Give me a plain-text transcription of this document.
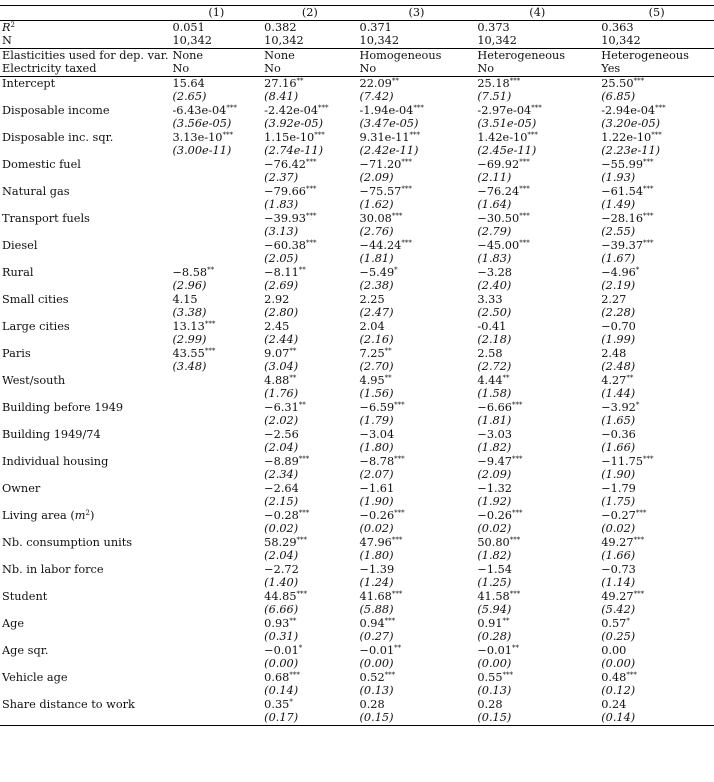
	(1)	(2)	(3)	(4)	(5)
$R^2$	0.051	0.382	0.371	0.373	0.363
N	10,342	10,342	10,342	10,342	10,342
Elasticities used for dep. var.	None	None	Homogeneous	Heterogeneous	Heterogeneous
Electricity taxed	No	No	No	No	Yes
Intercept	15.64	27.16**	22.09**	25.18***	25.50***
	(2.65)	(8.41)	(7.42)	(7.51)	(6.85)
Disposable income	-6.43e-04***	-2.42e-04***	-1.94e-04***	-2.97e-04***	-2.94e-04***
	(3.56e-05)	(3.92e-05)	(3.47e-05)	(3.51e-05)	(3.20e-05)
Disposable inc. sqr.	3.13e-10***	1.15e-10***	9.31e-11***	1.42e-10***	1.22e-10***
	(3.00e-11)	(2.74e-11)	(2.42e-11)	(2.45e-11)	(2.23e-11)
Domestic fuel		−76.42***	−71.20***	−69.92***	−55.99***
		(2.37)	(2.09)	(2.11)	(1.93)
Natural gas		−79.66***	−75.57***	−76.24***	−61.54***
		(1.83)	(1.62)	(1.64)	(1.49)
Transport fuels		−39.93***	30.08***	−30.50***	−28.16***
		(3.13)	(2.76)	(2.79)	(2.55)
Diesel		−60.38***	−44.24***	−45.00***	−39.37***
		(2.05)	(1.81)	(1.83)	(1.67)
Rural	−8.58**	−8.11**	−5.49*	−3.28	−4.96*
	(2.96)	(2.69)	(2.38)	(2.40)	(2.19)
Small cities	4.15	2.92	2.25	3.33	2.27
	(3.38)	(2.80)	(2.47)	(2.50)	(2.28)
Large cities	13.13***	2.45	2.04	-0.41	−0.70
	(2.99)	(2.44)	(2.16)	(2.18)	(1.99)
Paris	43.55***	9.07**	7.25**	2.58	2.48
	(3.48)	(3.04)	(2.70)	(2.72)	(2.48)
West/south		4.88**	4.95**	4.44**	4.27**
		(1.76)	(1.56)	(1.58)	(1.44)
Building before 1949		−6.31**	−6.59***	−6.66***	−3.92*
		(2.02)	(1.79)	(1.81)	(1.65)
Building 1949/74		−2.56	−3.04	−3.03	−0.36
		(2.04)	(1.80)	(1.82)	(1.66)
Individual housing		−8.89***	−8.78***	−9.47***	−11.75***
		(2.34)	(2.07)	(2.09)	(1.90)
Owner		−2.64	−1.61	−1.32	−1.79
		(2.15)	(1.90)	(1.92)	(1.75)
Living area $(m^2)$		−0.28***	−0.26***	−0.26***	−0.27***
		(0.02)	(0.02)	(0.02)	(0.02)
Nb. consumption units		58.29***	47.96***	50.80***	49.27***
		(2.04)	(1.80)	(1.82)	(1.66)
Nb. in labor force		−2.72	−1.39	−1.54	−0.73
		(1.40)	(1.24)	(1.25)	(1.14)
Student		44.85***	41.68***	41.58***	49.27***
		(6.66)	(5.88)	(5.94)	(5.42)
Age		0.93**	0.94***	0.91**	0.57*
		(0.31)	(0.27)	(0.28)	(0.25)
Age sqr.		−0.01*	−0.01**	−0.01**	0.00
		(0.00)	(0.00)	(0.00)	(0.00)
Vehicle age		0.68***	0.52***	0.55***	0.48***
		(0.14)	(0.13)	(0.13)	(0.12)
Share distance to work		0.35*	0.28	0.28	0.24
		(0.17)	(0.15)	(0.15)	(0.14)
